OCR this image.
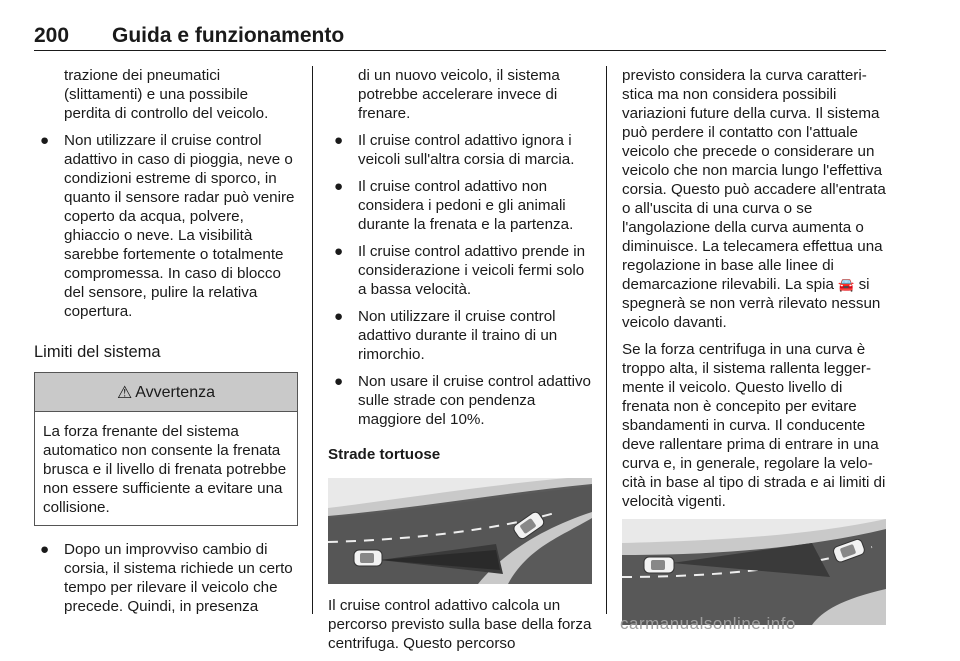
200 Guida e funzionamento

trazione dei pneumatici (slittamenti) e una possibile perdita di controllo del veicolo.

● Non utilizzare il cruise control adattivo in caso di pioggia, neve o condizioni estreme di sporco, in quanto il sensore radar può venire coperto da acqua, polvere, ghiaccio o neve. La visibilità sarebbe fortemente o totalmente compromessa. In caso di blocco del sensore, pulire la relativa copertura.
Limiti del sistema
⚠ Avvertenza
La forza frenante del sistema automatico non consente la frenata brusca e il livello di frenata potrebbe non essere sufficiente a evitare una collisione.
● Dopo un improvviso cambio di corsia, il sistema richiede un certo tempo per rilevare il veicolo che precede. Quindi, in presenza

di un nuovo veicolo, il sistema potrebbe accelerare invece di frenare.

● Il cruise control adattivo ignora i veicoli sull'altra corsia di marcia.
● Il cruise control adattivo non considera i pedoni e gli animali durante la frenata e la partenza.
● Il cruise control adattivo prende in considerazione i veicoli fermi solo a bassa velocità.
● Non utilizzare il cruise control adattivo durante il traino di un rimorchio.
● Non usare il cruise control adattivo sulle strade con pendenza maggiore del 10%.
Strade tortuose

Il cruise control adattivo calcola un percorso previsto sulla base della forza centrifuga. Questo percorso

previsto considera la curva caratteristica ma non considera possibili variazioni future della curva. Il sistema può perdere il contatto con l'attuale veicolo che precede o considerare un veicolo che non marcia lungo l'effettiva corsia. Questo può accadere all'entrata o all'uscita di una curva o se l'angolazione della curva aumenta o diminuisce. La telecamera effettua una regolazione in base alle linee di demarcazione rilevabili. La spia 🚘 si spegnerà se non verrà rilevato nessun veicolo davanti.

Se la forza centrifuga in una curva è troppo alta, il sistema rallenta leggermente il veicolo. Questo livello di frenata non è concepito per evitare sbandamenti in curva. Il conducente deve rallentare prima di entrare in una curva e, in generale, regolare la velocità in base al tipo di strada e ai limiti di velocità vigenti.

carmanualsonline.info
